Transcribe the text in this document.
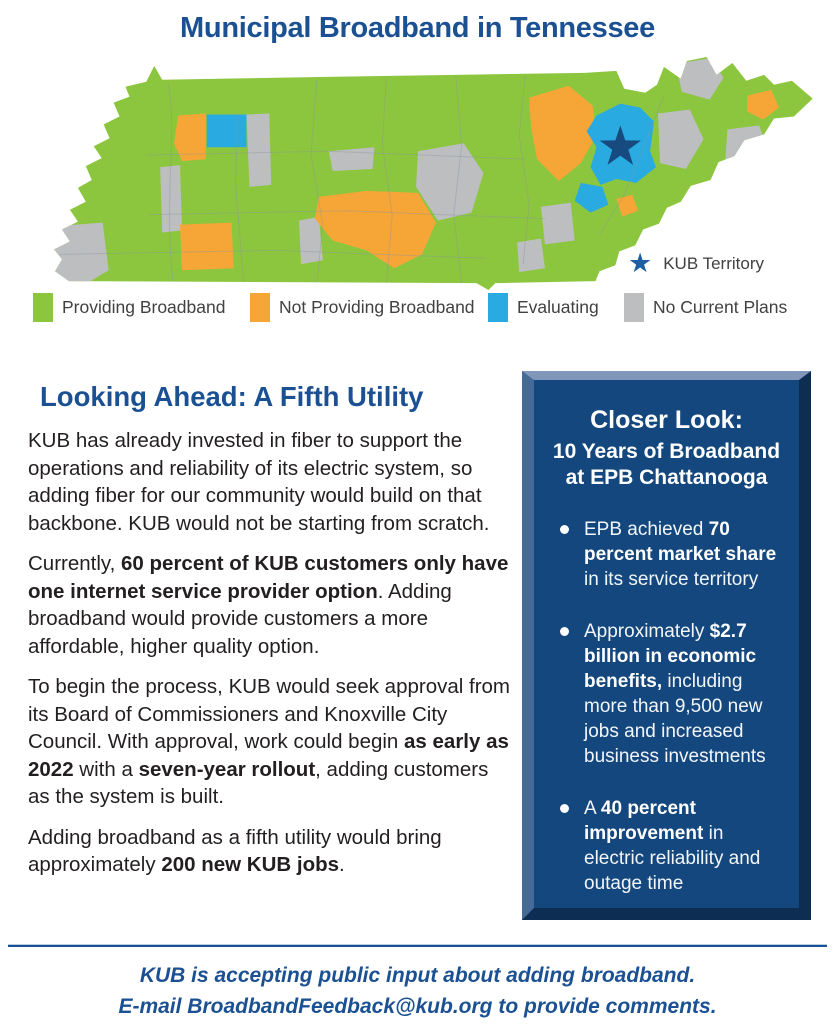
Municipal Broadband in Tennessee
★ KUB Territory
Providing Broadband	Not Providing Broadband Evaluating	No Current Plans
Looking Ahead: A Fifth Utility

KUB has already invested in fiber to support the operations and reliability of its electric system, so adding fiber for our community would build on that backbone. KUB would not be starting from scratch.

Currently, 60 percent of KUB customers only have one internet service provider option. Adding broadband would provide customers a more affordable, higher quality option.

To begin the process, KUB would seek approval from its Board of Commissioners and Knoxville City Council. With approval, work could begin as early as 2022 with a seven-year rollout, adding customers as the system is built.

Adding broadband as a fifth utility would bring approximately 200 new KUB jobs.

Closer Look:
10 Years of Broadband at EPB Chattanooga
EPB achieved 70 percent market share in its service territory
Approximately $2.7 billion in economic benefits, including more than 9,500 new jobs and increased business investments
A 40 percent improvement in electric reliability and outage time
KUB is accepting public input about adding broadband.
E-mail BroadbandFeedback@kub.org to provide comments.
